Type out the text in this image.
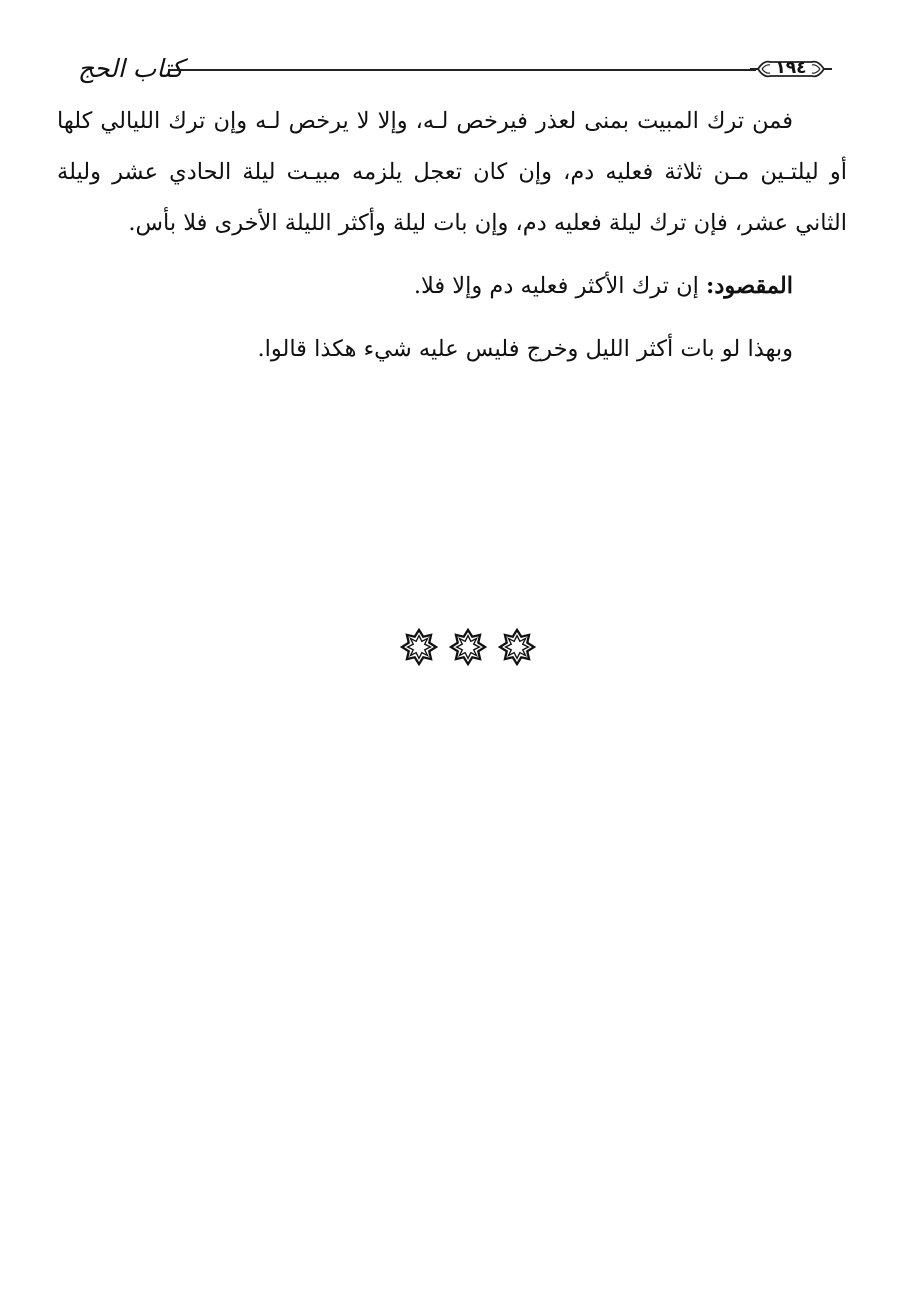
كتاب الحج	١٩٤

فمن ترك المبيت بمنى لعذر فيرخص لـه، وإلا لا يرخص لـه وإن ترك الليالي كلها أو ليلتـين مـن ثلاثة فعليه دم، وإن كان تعجل يلزمه مبيـت ليلة الحادي عشر وليلة الثاني عشر، فإن ترك ليلة فعليه دم، وإن بات ليلة وأكثر الليلة الأخرى فلا بأس.

المقصود: إن ترك الأكثر فعليه دم وإلا فلا.

وبهذا لو بات أكثر الليل وخرج فليس عليه شيء هكذا قالوا.
